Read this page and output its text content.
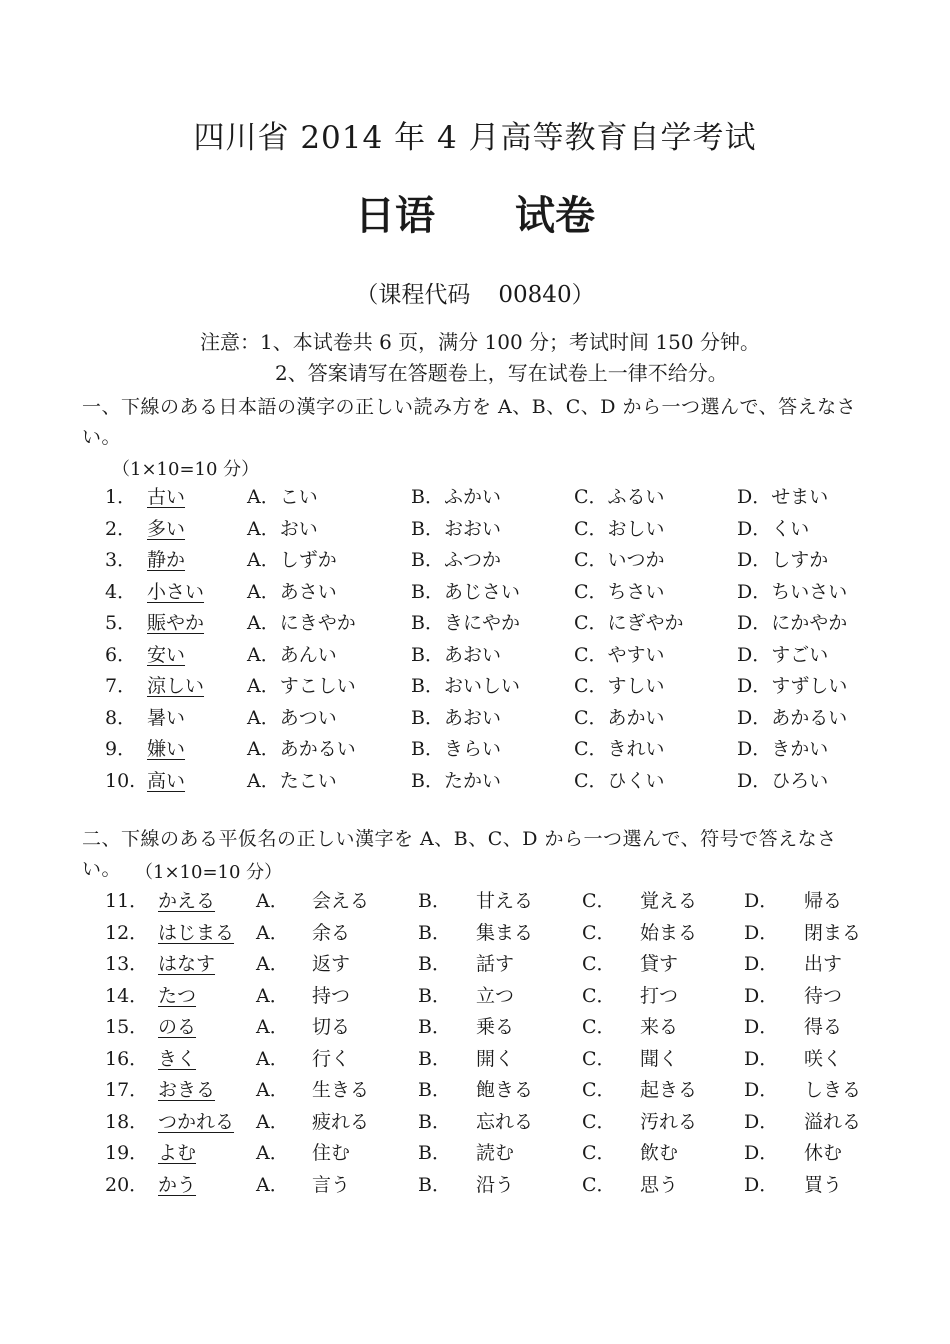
四川省 2014 年 4 月高等教育自学考试
日语 试卷
（课程代码 00840）
注意：1、本试卷共 6 页，满分 100 分；考试时间 150 分钟。
2、答案请写在答题卷上，写在试卷上一律不给分。
一、下線のある日本語の漢字の正しい読み方を A、B、C、D から一つ選んで、答えなさい。
（1×10=10 分）
1． 古い	A．こい	B．ふかい	C．ふるい	D．せまい
2． 多い	A．おい	B．おおい	C．おしい	D．くい
3． 静か	A．しずか	B．ふつか	C．いつか	D．しすか
4． 小さい A．あさい	B．あじさい	C．ちさい	D．ちいさい
5． 賑やか A．にきやか	B．きにやか	C．にぎやか	D．にかやか
6． 安い	A．あんい	B．あおい	C．やすい	D．すごい
7． 涼しい A．すこしい	B．おいしい	C．すしい	D．すずしい
8． 暑い	A．あつい	B．あおい	C．あかい	D．あかるい
9． 嫌い	A．あかるい	B．きらい	C．きれい	D．きかい
10. 高い	A．たこい	B．たかい	C．ひくい	D．ひろい
二、下線のある平仮名の正しい漢字を A、B、C、D から一つ選んで、符号で答えなさい。 （1×10=10 分）
11． かえる A． 会える	B． 甘える	C． 覚える D． 帰る
12． はじまる A． 余る	B． 集まる	C． 始まる D． 閉まる
13． はなす A． 返す	B． 話す	C． 貸す	D． 出す
14． たつ	A． 持つ	B． 立つ	C． 打つ	D． 待つ
15． のる	A． 切る	B． 乗る	C． 来る	D． 得る
16． きく	A． 行く	B． 開く	C． 聞く	D． 咲く
17． おきる A． 生きる	B． 飽きる	C． 起きる D． しきる
18． つかれる A． 疲れる	B． 忘れる	C． 汚れる D． 溢れる
19． よむ	A． 住む	B． 読む	C． 飲む	D． 休む
20． かう	A． 言う	B． 沿う	C． 思う	D． 買う
